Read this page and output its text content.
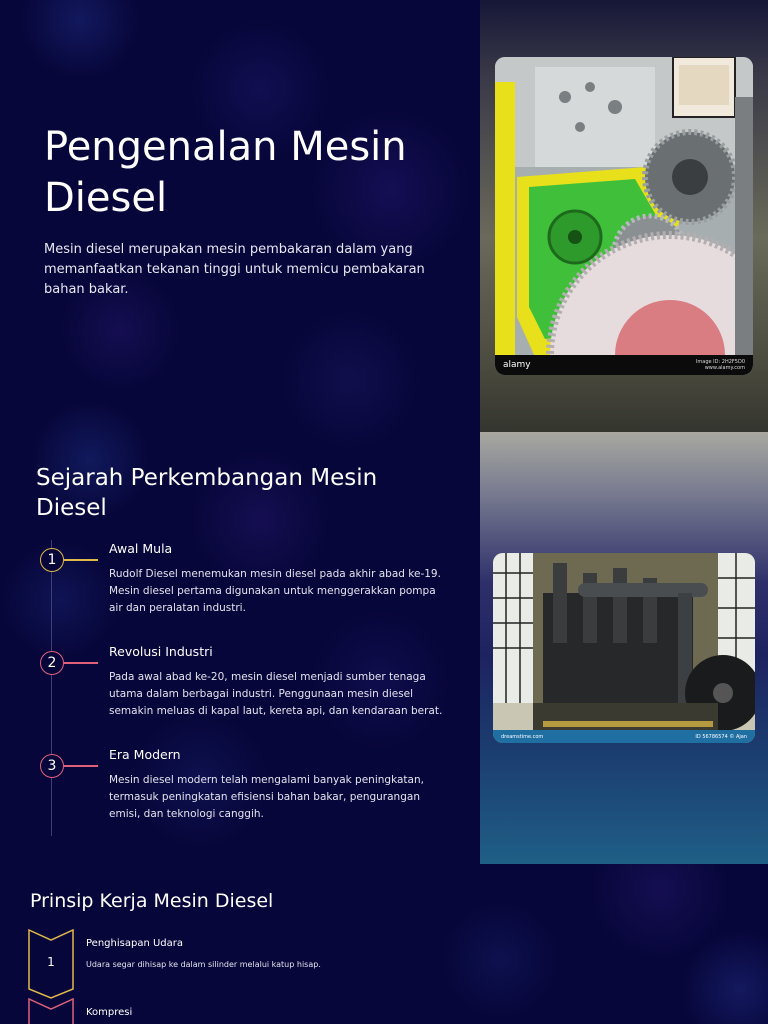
Pengenalan Mesin Diesel

Mesin diesel merupakan mesin pembakaran dalam yang memanfaatkan tekanan tinggi untuk memicu pembakaran bahan bakar.

alamy	Image ID: 2H2F5D0
www.alamy.com
Sejarah Perkembangan Mesin Diesel
1
Awal Mula
Rudolf Diesel menemukan mesin diesel pada akhir abad ke-19. Mesin diesel pertama digunakan untuk menggerakkan pompa air dan peralatan industri.
2
Revolusi Industri
Pada awal abad ke-20, mesin diesel menjadi sumber tenaga utama dalam berbagai industri. Penggunaan mesin diesel semakin meluas di kapal laut, kereta api, dan kendaraan berat.
3
Era Modern
Mesin diesel modern telah mengalami banyak peningkatan, termasuk peningkatan efisiensi bahan bakar, pengurangan emisi, dan teknologi canggih.
dreamstime.com	ID 56786574 © Ajan
Prinsip Kerja Mesin Diesel
1
Penghisapan Udara
Udara segar dihisap ke dalam silinder melalui katup hisap.
Kompresi
